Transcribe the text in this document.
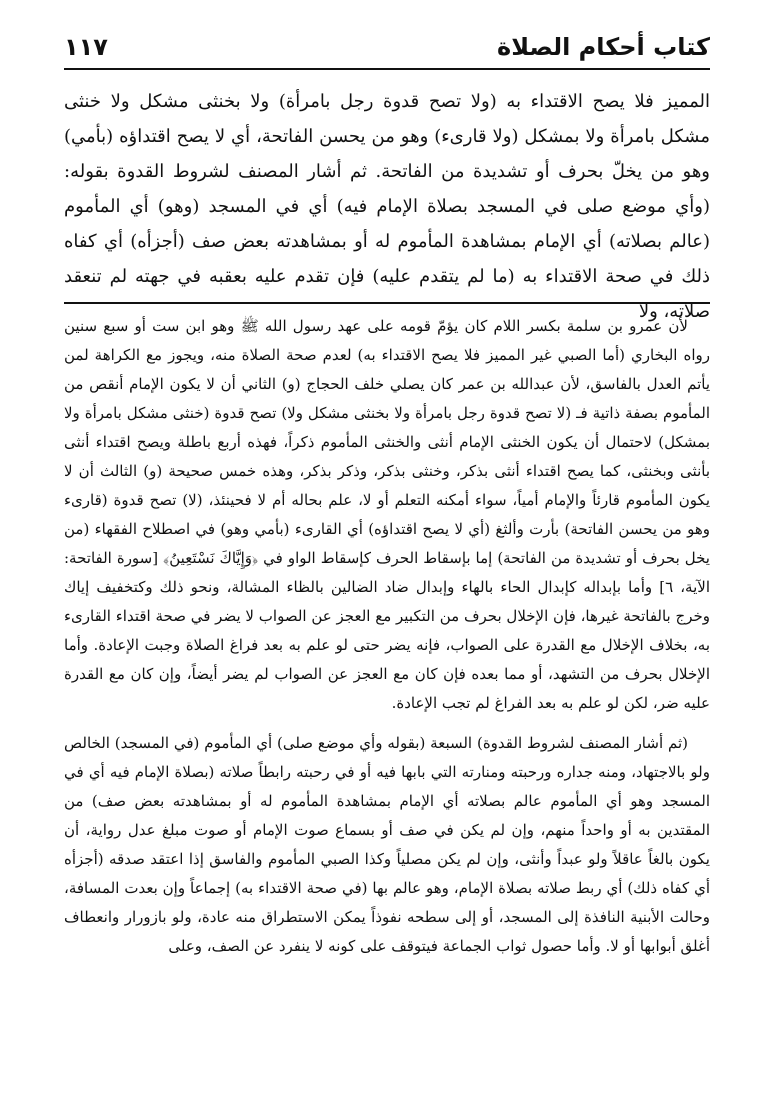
كتاب أحكام الصلاة
١١٧

المميز فلا يصح الاقتداء به (ولا تصح قدوة رجل بامرأة) ولا بخنثى مشكل ولا خنثى مشكل بامرأة ولا بمشكل (ولا قارىء) وهو من يحسن الفاتحة، أي لا يصح اقتداؤه (بأمي) وهو من يخلّ بحرف أو تشديدة من الفاتحة. ثم أشار المصنف لشروط القدوة بقوله: (وأي موضع صلى في المسجد بصلاة الإمام فيه) أي في المسجد (وهو) أي المأموم (عالم بصلاته) أي الإمام بمشاهدة المأموم له أو بمشاهدته بعض صف (أجزأه) أي كفاه ذلك في صحة الاقتداء به (ما لم يتقدم عليه) فإن تقدم عليه بعقبه في جهته لم تنعقد صلاته، ولا

لأن عمرو بن سلمة بكسر اللام كان يؤمّ قومه على عهد رسول الله ﷺ وهو ابن ست أو سبع سنين رواه البخاري (أما الصبي غير المميز فلا يصح الاقتداء به) لعدم صحة الصلاة منه، ويجوز مع الكراهة لمن يأتم العدل بالفاسق، لأن عبدالله بن عمر كان يصلي خلف الحجاج (و) الثاني أن لا يكون الإمام أنقص من المأموم بصفة ذاتية فـ (لا تصح قدوة رجل بامرأة ولا بخنثى مشكل ولا) تصح قدوة (خنثى مشكل بامرأة ولا بمشكل) لاحتمال أن يكون الخنثى الإمام أنثى والخنثى المأموم ذكراً، فهذه أربع باطلة ويصح اقتداء أنثى بأنثى وبخنثى، كما يصح اقتداء أنثى بذكر، وخنثى بذكر، وذكر بذكر، وهذه خمس صحيحة (و) الثالث أن لا يكون المأموم قارئاً والإمام أمياً، سواء أمكنه التعلم أو لا، علم بحاله أم لا فحينئذ، (لا) تصح قدوة (قارىء وهو من يحسن الفاتحة) بأرت وألثغ (أي لا يصح اقتداؤه) أي القارىء (بأمي وهو) في اصطلاح الفقهاء (من يخل بحرف أو تشديدة من الفاتحة) إما بإسقاط الحرف كإسقاط الواو في ﴿وَإِيَّاكَ نَسْتَعِينُ﴾ [سورة الفاتحة: الآية، ٦] وأما بإبداله كإبدال الحاء بالهاء وإبدال ضاد الضالين بالظاء المشالة، ونحو ذلك وكتخفيف إياك وخرج بالفاتحة غيرها، فإن الإخلال بحرف من التكبير مع العجز عن الصواب لا يضر في صحة اقتداء القارىء به، بخلاف الإخلال مع القدرة على الصواب، فإنه يضر حتى لو علم به بعد فراغ الصلاة وجبت الإعادة. وأما الإخلال بحرف من التشهد، أو مما بعده فإن كان مع العجز عن الصواب لم يضر أيضاً، وإن كان مع القدرة عليه ضر، لكن لو علم به بعد الفراغ لم تجب الإعادة.

(ثم أشار المصنف لشروط القدوة) السبعة (بقوله وأي موضع صلى) أي المأموم (في المسجد) الخالص ولو بالاجتهاد، ومنه جداره ورحبته ومنارته التي بابها فيه أو في رحبته رابطاً صلاته (بصلاة الإمام فيه أي في المسجد وهو أي المأموم عالم بصلاته أي الإمام بمشاهدة المأموم له أو بمشاهدته بعض صف) من المقتدين به أو واحداً منهم، وإن لم يكن في صف أو بسماع صوت الإمام أو صوت مبلغ عدل رواية، أن يكون بالغاً عاقلاً ولو عبداً وأنثى، وإن لم يكن مصلياً وكذا الصبي المأموم والفاسق إذا اعتقد صدقه (أجزأه أي كفاه ذلك) أي ربط صلاته بصلاة الإمام، وهو عالم بها (في صحة الاقتداء به) إجماعاً وإن بعدت المسافة، وحالت الأبنية النافذة إلى المسجد، أو إلى سطحه نفوذاً يمكن الاستطراق منه عادة، ولو بازورار وانعطاف أغلق أبوابها أو لا. وأما حصول ثواب الجماعة فيتوقف على كونه لا ينفرد عن الصف، وعلى
